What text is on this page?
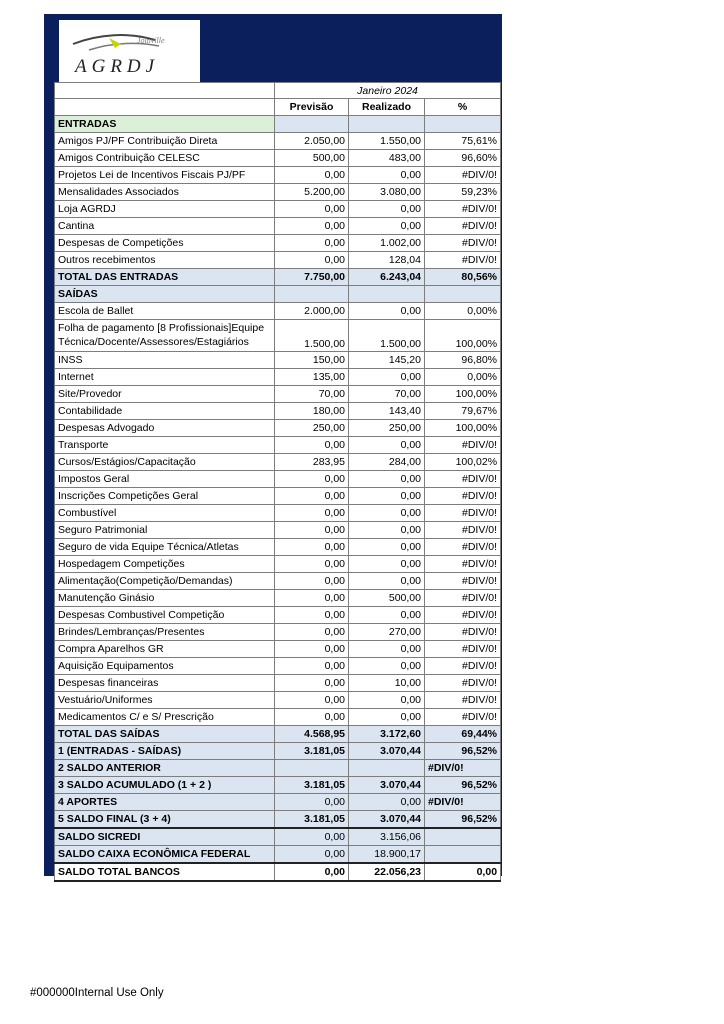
Joinville
AGRDJ
	Janeiro 2024		
	Previsão	Realizado	%
ENTRADAS			
Amigos PJ/PF Contribuição Direta	2.050,00	1.550,00	75,61%
Amigos Contribuição CELESC	500,00	483,00	96,60%
Projetos Lei de Incentivos Fiscais PJ/PF	0,00	0,00	#DIV/0!
Mensalidades Associados	5.200,00	3.080,00	59,23%
Loja AGRDJ	0,00	0,00	#DIV/0!
Cantina	0,00	0,00	#DIV/0!
Despesas de Competições	0,00	1.002,00	#DIV/0!
Outros recebimentos	0,00	128,04	#DIV/0!
TOTAL DAS ENTRADAS	7.750,00	6.243,04	80,56%
SAÍDAS			
Escola de Ballet	2.000,00	0,00	0,00%
Folha de pagamento [8 Profissionais]Equipe Técnica/Docente/Assessores/Estagiários	1.500,00	1.500,00	100,00%
INSS	150,00	145,20	96,80%
Internet	135,00	0,00	0,00%
Site/Provedor	70,00	70,00	100,00%
Contabilidade	180,00	143,40	79,67%
Despesas Advogado	250,00	250,00	100,00%
Transporte	0,00	0,00	#DIV/0!
Cursos/Estágios/Capacitação	283,95	284,00	100,02%
Impostos Geral	0,00	0,00	#DIV/0!
Inscrições Competições Geral	0,00	0,00	#DIV/0!
Combustível	0,00	0,00	#DIV/0!
Seguro Patrimonial	0,00	0,00	#DIV/0!
Seguro de vida Equipe Técnica/Atletas	0,00	0,00	#DIV/0!
Hospedagem Competições	0,00	0,00	#DIV/0!
Alimentação(Competição/Demandas)	0,00	0,00	#DIV/0!
Manutenção Ginásio	0,00	500,00	#DIV/0!
Despesas Combustivel Competição	0,00	0,00	#DIV/0!
Brindes/Lembranças/Presentes	0,00	270,00	#DIV/0!
Compra Aparelhos GR	0,00	0,00	#DIV/0!
Aquisição Equipamentos	0,00	0,00	#DIV/0!
Despesas financeiras	0,00	10,00	#DIV/0!
Vestuário/Uniformes	0,00	0,00	#DIV/0!
Medicamentos C/ e S/ Prescrição	0,00	0,00	#DIV/0!
TOTAL DAS SAÍDAS	4.568,95	3.172,60	69,44%
1 (ENTRADAS - SAÍDAS)	3.181,05	3.070,44	96,52%
2 SALDO ANTERIOR			#DIV/0!
3 SALDO ACUMULADO (1 + 2 )	3.181,05	3.070,44	96,52%
4 APORTES	0,00	0,00	#DIV/0!
5 SALDO FINAL (3 + 4)	3.181,05	3.070,44	96,52%
SALDO SICREDI	0,00	3.156,06	
SALDO CAIXA ECONÔMICA FEDERAL	0,00	18.900,17	
SALDO TOTAL BANCOS	0,00	22.056,23	0,00
#000000Internal Use Only
